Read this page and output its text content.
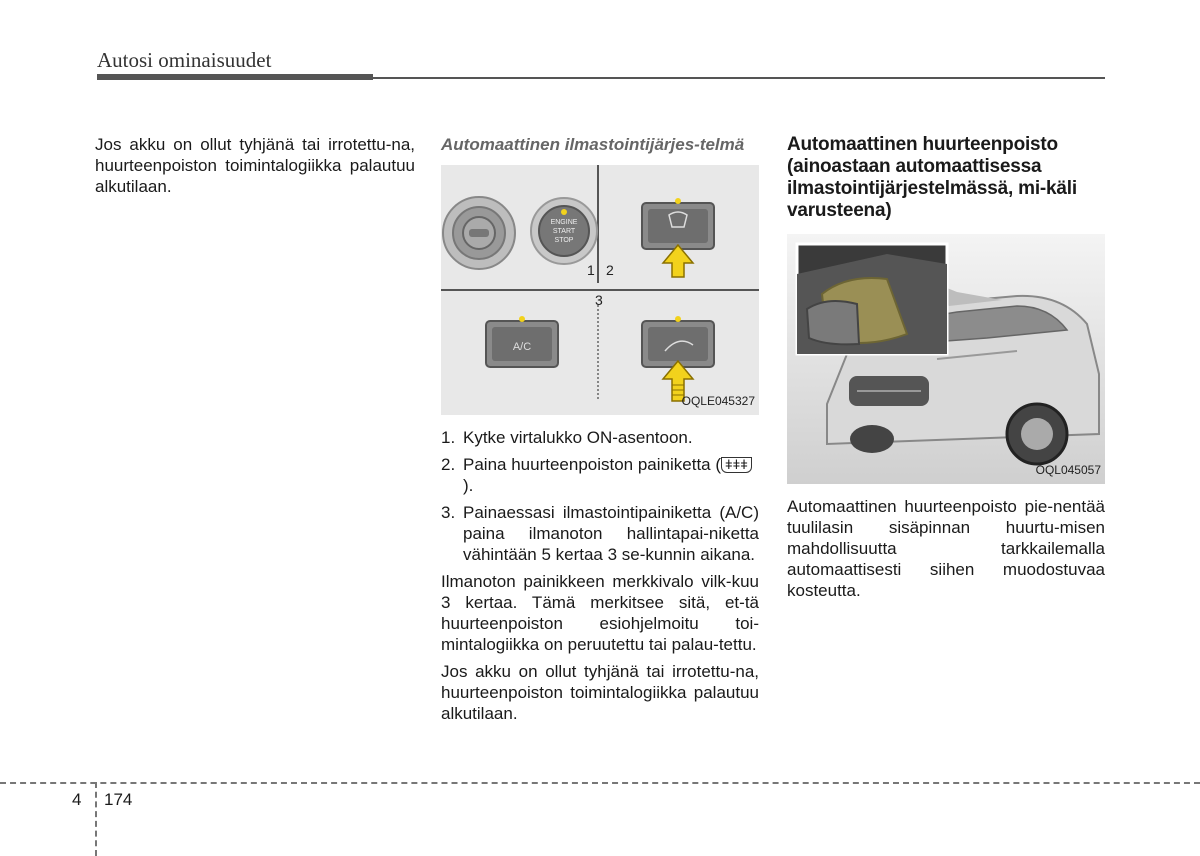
Autosi ominaisuudet

Jos akku on ollut tyhjänä tai irrotettu-na, huurteenpoiston toimintalogiikka palautuu alkutilaan.

Automaattinen ilmastointijärjes-telmä
ENGINE
START
STOP
1 2
3
A/C
OQLE045327
1. Kytke virtalukko ON-asentoon.
2. Paina huurteenpoiston painiketta ( ǂǂǂ).
3. Painaessasi ilmastointipainiketta (A/C) paina ilmanoton hallintapai-niketta vähintään 5 kertaa 3 se-kunnin aikana.

Ilmanoton painikkeen merkkivalo vilk-kuu 3 kertaa. Tämä merkitsee sitä, et-tä huurteenpoiston esiohjelmoitu toi-mintalogiikka on peruutettu tai palau-tettu.

Jos akku on ollut tyhjänä tai irrotettu-na, huurteenpoiston toimintalogiikka palautuu alkutilaan.

Automaattinen huurteenpoisto (ainoastaan automaattisessa ilmastointijärjestelmässä, mi-käli varusteena)
OQL045057

Automaattinen huurteenpoisto pie-nentää tuulilasin sisäpinnan huurtu-misen mahdollisuutta tarkkailemalla automaattisesti siihen muodostuvaa kosteutta.

4 174
